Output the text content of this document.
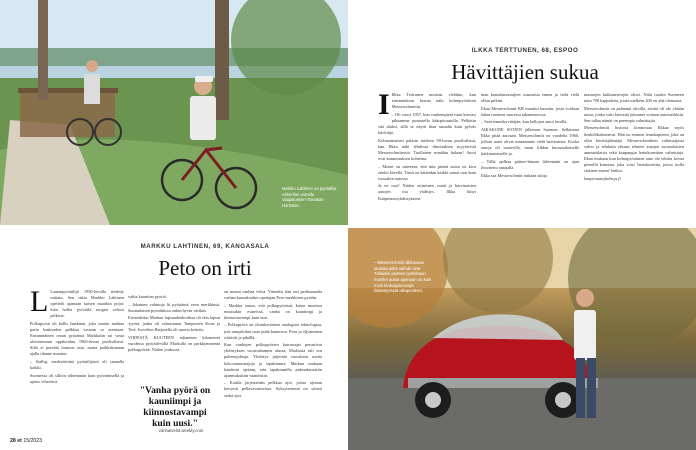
Markku Lahtinen on pyöräillyt Akkerilan varrella Vaajakosken-Toivakan Hohtolan.
MARKKU LAHTINEN, 69, KANGASALA
Peto on irti
L Lautanpyöräilijä 1950-luvulla tiedetty mittain. Sen takia Markku Lahtinen opettelii ajamaan katsen maarkin pojat: kiän hollia pyöräilä ruogen valiosi pelkiset.

Polkupyörä oli kallis hankinta, joka saatiin mahtaa parin kauksaden palkkaa vastaan sa asentaan. Ensimmäinen oman pyöränsä Markkulin sai vasta aloittaessaan oppikoulun 1960-luvun puolivälissä. Siltä ei perehtä lontoon asia, mutta paikkakunnan ajalla tilanne muuttui.

– Stallig: merkittävänä pyöräilijästä oli rannalla kaikki.

Suomessa oli silloin vähemmän kuin pyörämisellä ja ajatus vihertävä.

valtta kuuntien pyöriä.

– Jokainen valintoja lii pyöriämä veon merkkinsä. Suomalaisen pyörähtiota onkin hyvin värikäs.

Esimerkiksi Markun lapsuudenkodissa oli iäin lapsat -pyörä, jonka oli valmistanut Tampereen Kone ja Terä. Isovelien Harjasella oli nuoria keitetty.

VIIDESTÄ KUUTEEN tuhanteen kilometriä vuodessa pyöräilevällä Markulla on parkkymmentä polkupyörää. Niiden joukossa

"Vanha pyörä on kauniimpi ja kiinnostavampi kuin uusi."
vanhatvelot.weebly.com

on monta vanhaa veloa. Viimeksi hän osti perikunnalta varhan kansakoulun opettajan Peto-merkkisen pyörän.

– Markku sanoo, että polkupyörässä, kuten monissa muissakin esineissä, vanha on kauniimpi ja kiinnostavampi kuin uusi.

– Polkupyörä on yksinkertainen analogista teknologiaa, jota tumpelokin osaa pitää kunnossa. Pesu ja öljyäminen riittävät ja pikällä.

Kun vanhojen polkupyörien harrastajat perustivat yhdistyksen vuosituhannen alussa, Markusta tuli sen puheenjohtaja. Yhdistys järjestää vuosittain useita kokoontumisajoja ja tapahtumia. Markun mukaan kaudesta ajetaan, että tapahtumilla pukeuduttaisiin ajanmukaisiin vaatteisiin.

– Koulla järjestetään pelkkaa ajot, joissa ajetaan kevyesti pellavavaatteissa. Syksyisemmä on siisteä sarka-ajot.

28 et 15/2023
ILKKA TERTTUNEN, 68, ESPOO
Hävittäjien sukua
I Ilkka Terttunen muistaa vieläkin, kun ensimmäisen kerran näki kolmipyöräisen Messerschmittin.

– Oli vuosi 1957, kun vanhempieni tuttu kurvasi pihaamme punaisella käärpiisautolla. Pelkäsin sitä aluksi, sillä se näytti ihan samalta kuin pylväs hävittäjä.

Kolmaastamisi palasin mieleen 90-luvun puolivälissä, kun Ilkka näki lehdessä ilmoituksen myytävistä Messerschmiteistä. Tuollaisen minäkin haluan! Autot ovat kunnostuksen kohteina.

– Monet on saneeraa, että niin pientä autoa on kiva ettekö kävellä. Tässä on kattenkin kaikki samat osat kuin isossakin autossa.

Ja ne osat! Niiden etsiminen vaatii ja harvinaisten autojen osa yhdistys. Ilkka liittyi Kääpiöautoyhdistykseen.

man kansaharrastajien osaamista ennen ja vielä vielä ollun pitkiin.

Ilkan Messerschmitt KR muuttui kauniin, josta voidaan lukea tuotteen suuressa takamuseossa.

– Sain tenniskyvittäjän, kun kellojon autot lavalla.

AIKAKONE SOTIEN jälkeisen Suomen. Sellaisena Ilkka pitää autoaan. Messerschmitt on vuodelta 1960, jolloin autot olivat maaanmme vielä harvinaisia. Koska autoja oli saatavilla, moni liikkui huonoaikaiselle kärkirautaiselle ja.

– Tällä ajelkaa pääsee-binaan lähvemäni on ajan ilmoitettu antajalla.

Ilkka saa Messerschmitt mikään taloja

masuojen kulkuneuvojen oliset. Niitä tuotiin Suomeen noin 700 kappaletta, joista melkein 200 on yhä olemassa.

Messerschmitt on palannut olioilla, eivätä oli ole yhtään uusia, jonka vaiti kiertaitä juhonnet voitaan automerkkiin. Sen tallaa nämät on parempia valmistajia.

Messerschmitt historia kiinnostaa Ilkkaa myös henkilökohtaisesti. Hän on entinen lentokapteeni, joka on ollut hävittäjälentäjä. Messerschmittien valmistajasta valtio ja tehdasta yhtaan tehneet autojen suomalaisten ammattilaisia sekä kaupungin lentokoneitten valmistaja. Ilkan mukaan kun kolmipyöräinen auto ole tehtiin kovaa pienellä koneena, joka voisi 'lentokoneitta, joissa isolla sisäisen esteen' lenkin.

kaapioautoyhdistys.fi

– Messerschmitt liikkuvaan taustaa pitkä vaihde aina Tällaisiin pienten pyöristaan matelet autoa ajamaan on kuin moni lentoajoneuvoja lisääntyvästä alkuperäiset.
